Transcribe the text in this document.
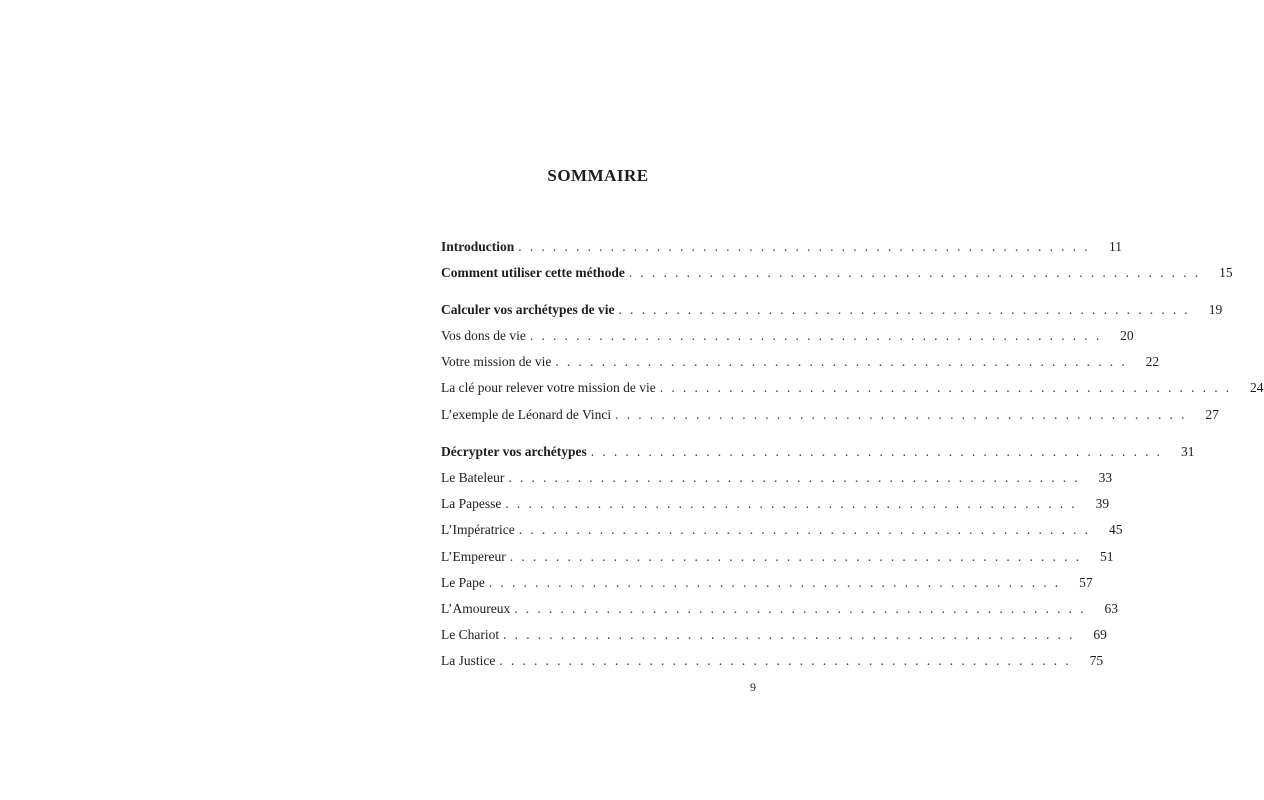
SOMMAIRE
Introduction . . . . . . . . . . . . . . . . . . . . . . . . . . . . . . . . . . . . . . . . . . . . . . . . . .	11
Comment utiliser cette méthode . . . . . . . . . . . . . . . . . . . . . . . . . . . . . . . . . . . . . . . . . . . . . . . . . .	15
Calculer vos archétypes de vie . . . . . . . . . . . . . . . . . . . . . . . . . . . . . . . . . . . . . . . . . . . . . . . . . .	19
Vos dons de vie . . . . . . . . . . . . . . . . . . . . . . . . . . . . . . . . . . . . . . . . . . . . . . . . . .	20
Votre mission de vie . . . . . . . . . . . . . . . . . . . . . . . . . . . . . . . . . . . . . . . . . . . . . . . . . .	22
La clé pour relever votre mission de vie . . . . . . . . . . . . . . . . . . . . . . . . . . . . . . . . . . . . . . . . . . . . . . . . . .	24
L’exemple de Léonard de Vinci . . . . . . . . . . . . . . . . . . . . . . . . . . . . . . . . . . . . . . . . . . . . . . . . . .	27
Décrypter vos archétypes . . . . . . . . . . . . . . . . . . . . . . . . . . . . . . . . . . . . . . . . . . . . . . . . . .	31
Le Bateleur . . . . . . . . . . . . . . . . . . . . . . . . . . . . . . . . . . . . . . . . . . . . . . . . . .	33
La Papesse . . . . . . . . . . . . . . . . . . . . . . . . . . . . . . . . . . . . . . . . . . . . . . . . . .	39
L’Impératrice . . . . . . . . . . . . . . . . . . . . . . . . . . . . . . . . . . . . . . . . . . . . . . . . . .	45
L’Empereur . . . . . . . . . . . . . . . . . . . . . . . . . . . . . . . . . . . . . . . . . . . . . . . . . .	51
Le Pape . . . . . . . . . . . . . . . . . . . . . . . . . . . . . . . . . . . . . . . . . . . . . . . . . .	57
L’Amoureux . . . . . . . . . . . . . . . . . . . . . . . . . . . . . . . . . . . . . . . . . . . . . . . . . .	63
Le Chariot . . . . . . . . . . . . . . . . . . . . . . . . . . . . . . . . . . . . . . . . . . . . . . . . . .	69
La Justice . . . . . . . . . . . . . . . . . . . . . . . . . . . . . . . . . . . . . . . . . . . . . . . . . .	75
9
